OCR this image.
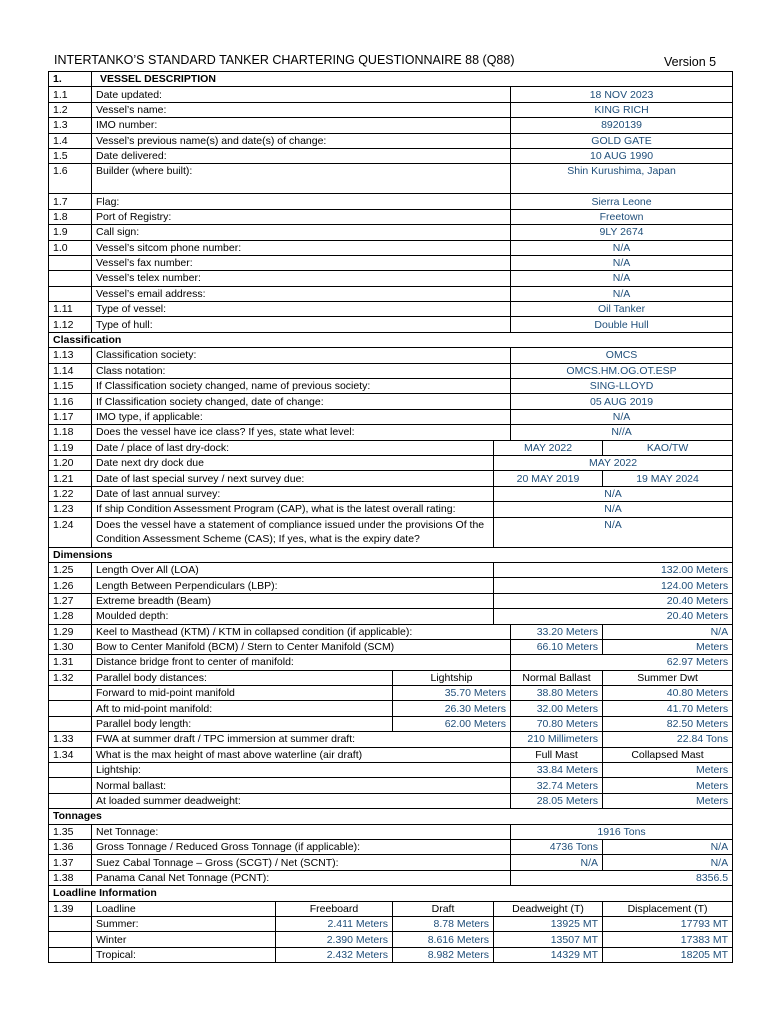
INTERTANKO’S STANDARD TANKER CHARTERING QUESTIONNAIRE 88 (Q88)	Version 5
1.	VESSEL DESCRIPTION					
1.1	Date updated:				18 NOV 2023	
1.2	Vessel’s name:				KING RICH	
1.3	IMO number:				8920139	
1.4	Vessel’s previous name(s) and date(s) of change:				GOLD GATE	
1.5	Date delivered:				10 AUG 1990	
1.6	Builder (where built):				Shin Kurushima, Japan	
1.7	Flag:				Sierra Leone	
1.8	Port of Registry:				Freetown	
1.9	Call sign:				9LY 2674	
1.0	Vessel’s sitcom phone number:				N/A	
	Vessel’s fax number:				N/A	
	Vessel’s telex number:				N/A	
	Vessel’s email address:				N/A	
1.11	Type of vessel:				Oil Tanker	
1.12	Type of hull:				Double Hull	
Classification						
1.13	Classification society:				OMCS	
1.14	Class notation:				OMCS.HM.OG.OT.ESP	
1.15	If Classification society changed, name of previous society:				SING-LLOYD	
1.16	If Classification society changed, date of change:				05 AUG 2019	
1.17	IMO type, if applicable:				N/A	
1.18	Does the vessel have ice class? If yes, state what level:				N//A	
1.19	Date / place of last dry-dock:			MAY 2022		KAO/TW
1.20	Date next dry dock due			MAY 2022		
1.21	Date of last special survey / next survey due:			20 MAY 2019		19 MAY 2024
1.22	Date of last annual survey:			N/A		
1.23	If ship Condition Assessment Program (CAP), what is the latest overall rating:			N/A		
1.24	Does the vessel have a statement of compliance issued under the provisions Of the Condition Assessment Scheme (CAS); If yes, what is the expiry date?			N/A		
Dimensions						
1.25	Length Over All (LOA)			132.00 Meters		
1.26	Length Between Perpendiculars (LBP):			124.00 Meters		
1.27	Extreme breadth (Beam)			20.40 Meters		
1.28	Moulded depth:			20.40 Meters		
1.29	Keel to Masthead (KTM) / KTM in collapsed condition (if applicable):				33.20 Meters	N/A
1.30	Bow to Center Manifold (BCM) / Stern to Center Manifold (SCM)				66.10 Meters	Meters
1.31	Distance bridge front to center of manifold:				62.97 Meters	
1.32	Parallel body distances:		Lightship		Normal Ballast	Summer Dwt
	Forward to mid-point manifold		35.70 Meters		38.80 Meters	40.80 Meters
	Aft to mid-point manifold:		26.30 Meters		32.00 Meters	41.70 Meters
	Parallel body length:		62.00 Meters		70.80 Meters	82.50 Meters
1.33	FWA at summer draft / TPC immersion at summer draft:				210 Millimeters	22.84 Tons
1.34	What is the max height of mast above waterline (air draft)				Full Mast	Collapsed Mast
	Lightship:				33.84 Meters	Meters
	Normal ballast:				32.74 Meters	Meters
	At loaded summer deadweight:				28.05 Meters	Meters
Tonnages						
1.35	Net Tonnage:				1916 Tons	
1.36	Gross Tonnage / Reduced Gross Tonnage (if applicable):				4736 Tons	N/A
1.37	Suez Cabal Tonnage – Gross (SCGT) / Net (SCNT):				N/A	N/A
1.38	Panama Canal Net Tonnage (PCNT):				8356.5	
Loadline Information						
1.39	Loadline	Freeboard	Draft	Deadweight (T)		Displacement (T)
	Summer:	2.411 Meters	8.78 Meters	13925 MT		17793 MT
	Winter	2.390 Meters	8.616 Meters	13507 MT		17383 MT
	Tropical:	2.432 Meters	8.982 Meters	14329 MT		18205 MT
